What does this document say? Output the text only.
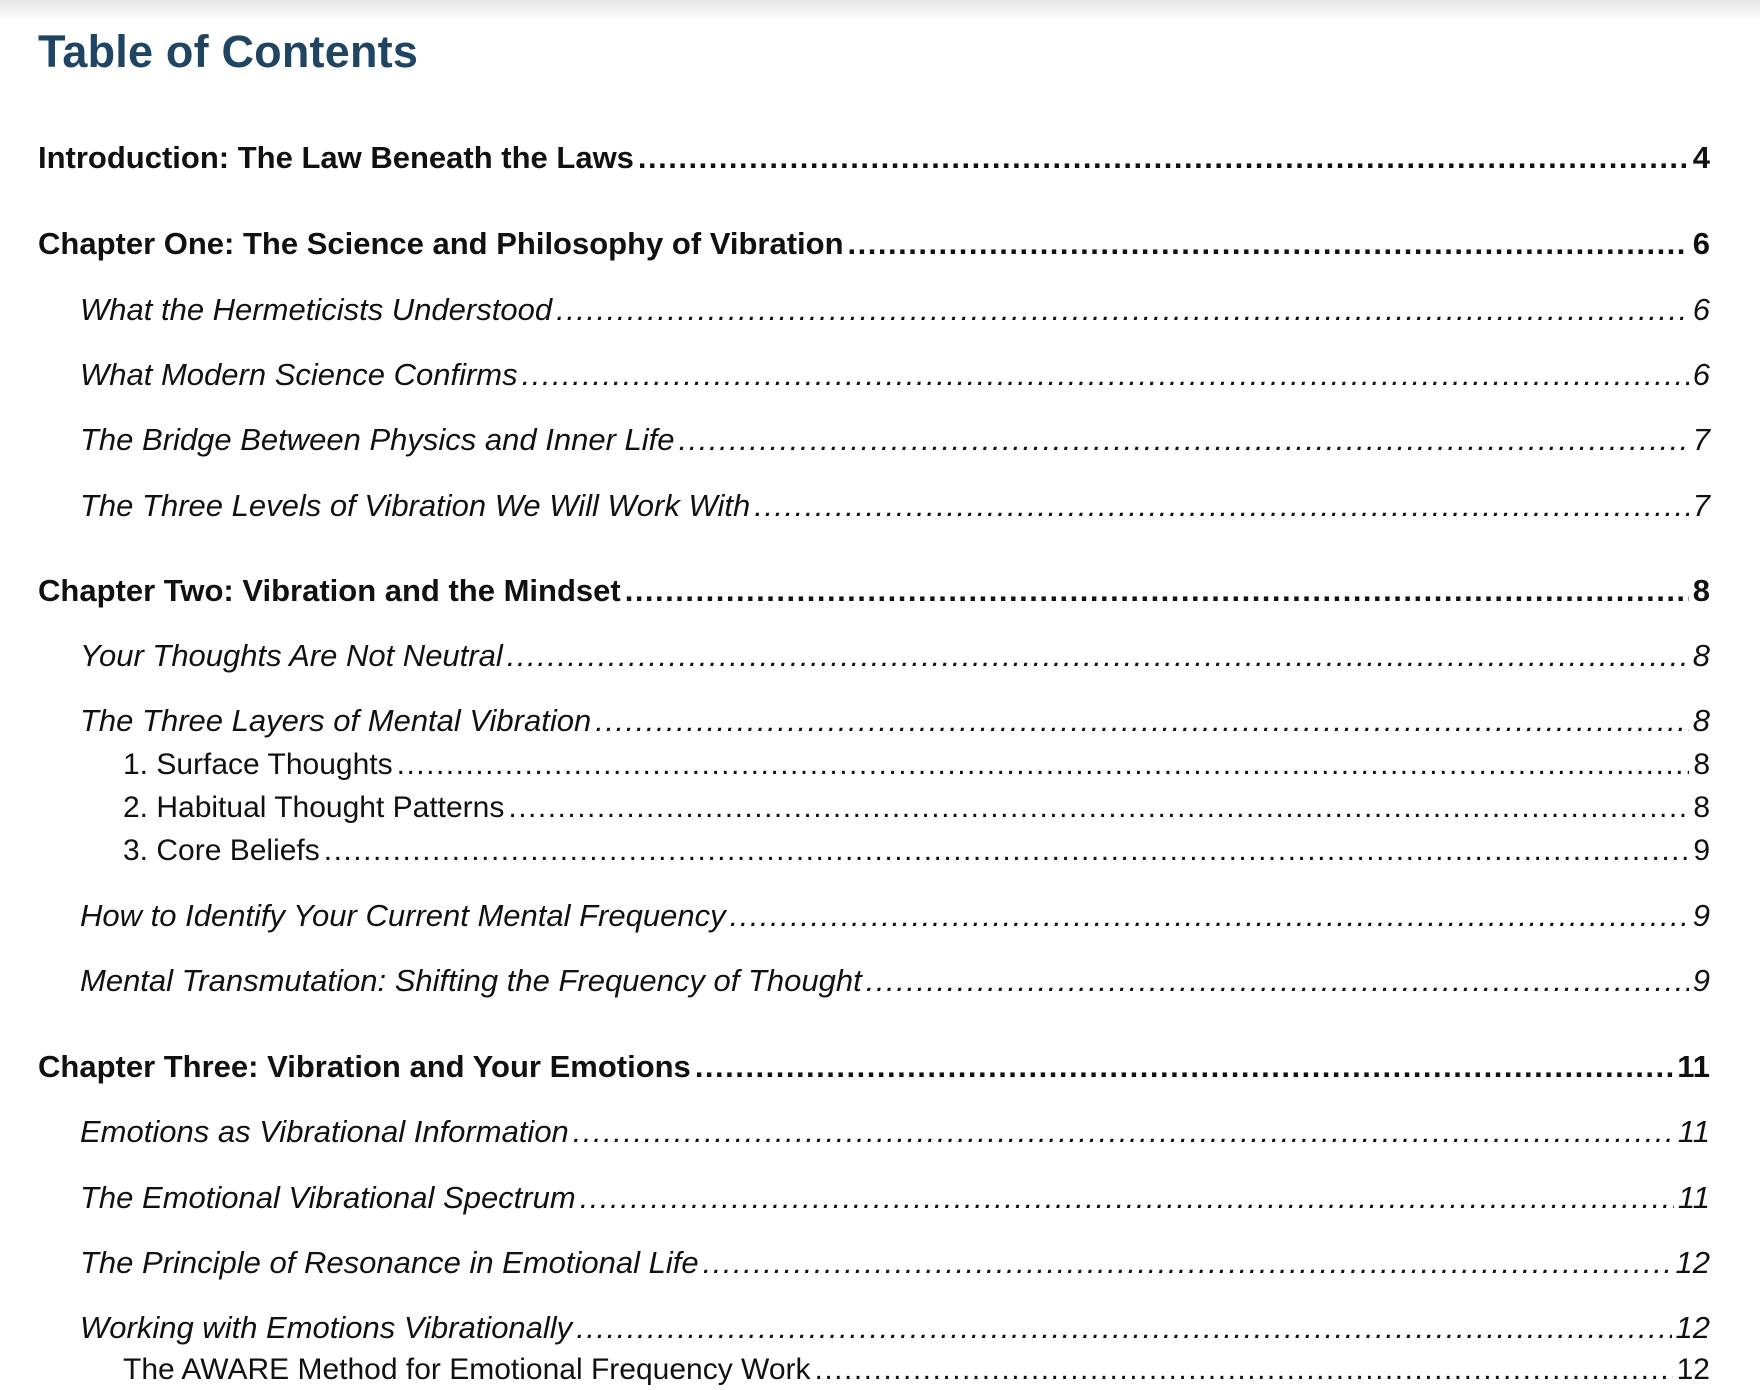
Table of Contents
Introduction: The Law Beneath the Laws .....	4
Chapter One: The Science and Philosophy of Vibration .....	6
What the Hermeticists Understood .....	6
What Modern Science Confirms .....	6
The Bridge Between Physics and Inner Life .....	7
The Three Levels of Vibration We Will Work With .....	7
Chapter Two: Vibration and the Mindset .....	8
Your Thoughts Are Not Neutral .....	8
The Three Layers of Mental Vibration .....	8
1. Surface Thoughts .....	8
2. Habitual Thought Patterns .....	8
3. Core Beliefs .....	9
How to Identify Your Current Mental Frequency .....	9
Mental Transmutation: Shifting the Frequency of Thought .....	9
Chapter Three: Vibration and Your Emotions .....	11
Emotions as Vibrational Information .....	11
The Emotional Vibrational Spectrum .....	11
The Principle of Resonance in Emotional Life .....	12
Working with Emotions Vibrationally .....	12
The AWARE Method for Emotional Frequency Work .....	12
